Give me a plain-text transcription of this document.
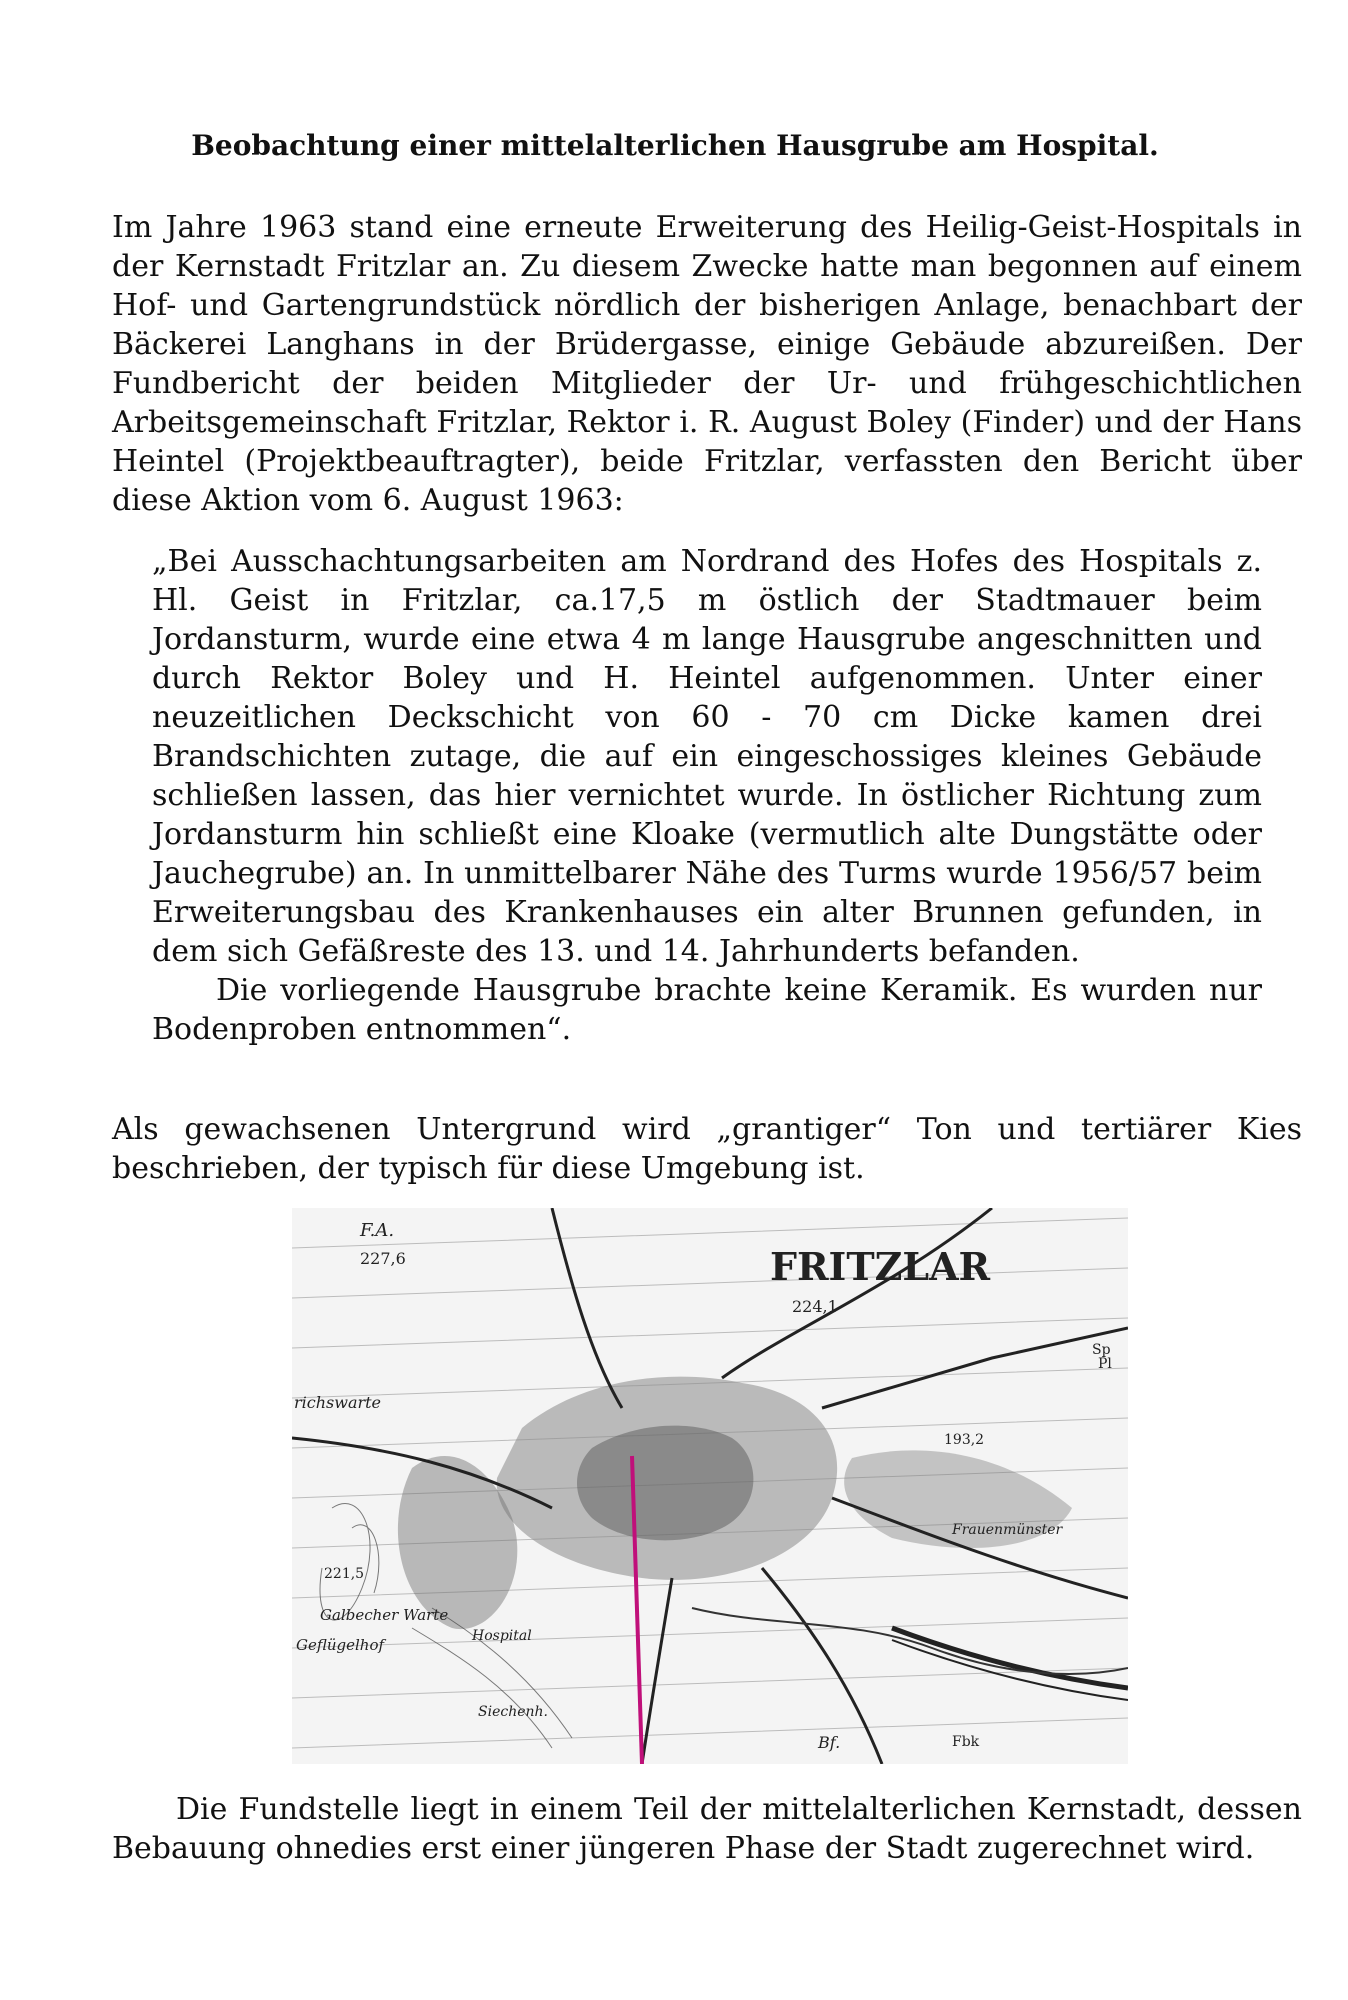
Beobachtung einer mittelalterlichen Hausgrube am Hospital.

Im Jahre 1963 stand eine erneute Erweiterung des Heilig-Geist-Hospitals in der Kernstadt Fritzlar an. Zu diesem Zwecke hatte man begonnen auf einem Hof- und Gartengrundstück nördlich der bisherigen Anlage, benachbart der Bäckerei Langhans in der Brüdergasse, einige Gebäude abzureißen. Der Fundbericht der beiden Mitglieder der Ur- und frühgeschichtlichen Arbeitsgemeinschaft Fritzlar, Rektor i. R. August Boley (Finder) und der Hans Heintel (Projektbeauftragter), beide Fritzlar, verfassten den Bericht über diese Aktion vom 6. August 1963:

„Bei Ausschachtungsarbeiten am Nordrand des Hofes des Hospitals z. Hl. Geist in Fritzlar, ca.17,5 m östlich der Stadtmauer beim Jordansturm, wurde eine etwa 4 m lange Hausgrube angeschnitten und durch Rektor Boley und H. Heintel aufgenommen. Unter einer neuzeitlichen Deckschicht von 60 - 70 cm Dicke kamen drei Brandschichten zutage, die auf ein eingeschossiges kleines Gebäude schließen lassen, das hier vernichtet wurde. In östlicher Richtung zum Jordansturm hin schließt eine Kloake (vermutlich alte Dungstätte oder Jauchegrube) an. In unmittelbarer Nähe des Turms wurde 1956/57 beim Erweiterungsbau des Krankenhauses ein alter Brunnen gefunden, in dem sich Gefäßreste des 13. und 14. Jahrhunderts befanden.
Die vorliegende Hausgrube brachte keine Keramik. Es wurden nur Bodenproben entnommen“.

Als gewachsenen Untergrund wird „grantiger“ Ton und tertiärer Kies beschrieben, der typisch für diese Umgebung ist.

FRITZLAR
F.A.
227,6
224,1
Sp
Pl
richswarte
193,2
Frauenmünster
221,5
Galbecher Warte
Geflügelhof	Hospital
Siechenh.
Bf.	Fbk

Die Fundstelle liegt in einem Teil der mittelalterlichen Kernstadt, dessen Bebauung ohnedies erst einer jüngeren Phase der Stadt zugerechnet wird.
